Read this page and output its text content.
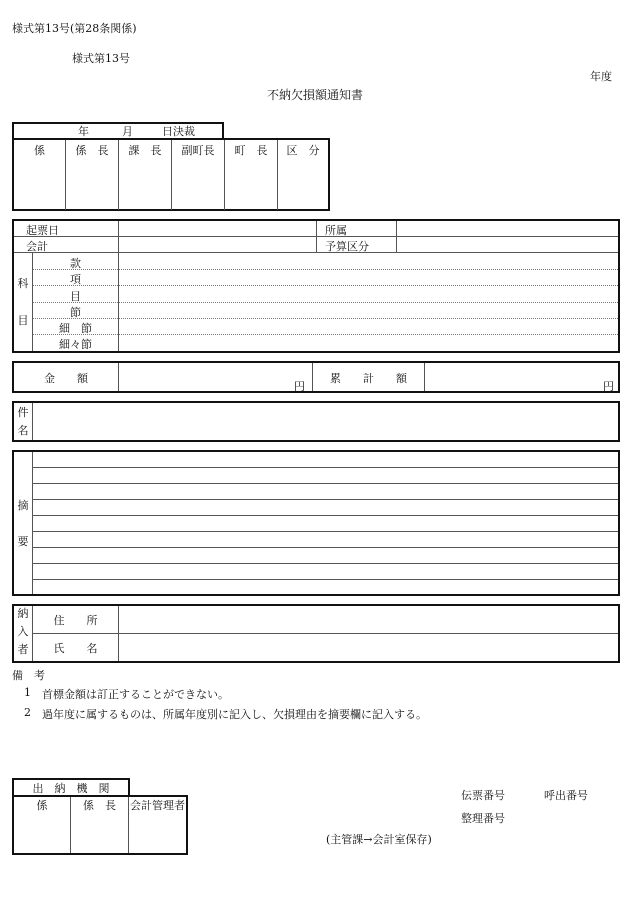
様式第13号(第28条関係)
様式第13号
年度
不納欠損額通知書
年	月	日決裁
係	係　長	課　長	副町長	町　長	区　分
起票日	所属
会計	予算区分
科
目
款
項
目
節
細　節
細々節
金　　額
円
累　　計　　額
円
件
名
摘
要
納
入
者
住　　所
氏　　名
備　考
1 首標金額は訂正することができない。
2 過年度に属するものは、所属年度別に記入し、欠損理由を摘要欄に記入する。
出　納　機　関
係	係　長	会計管理者
伝票番号	呼出番号
整理番号
(主管課→会計室保存)
